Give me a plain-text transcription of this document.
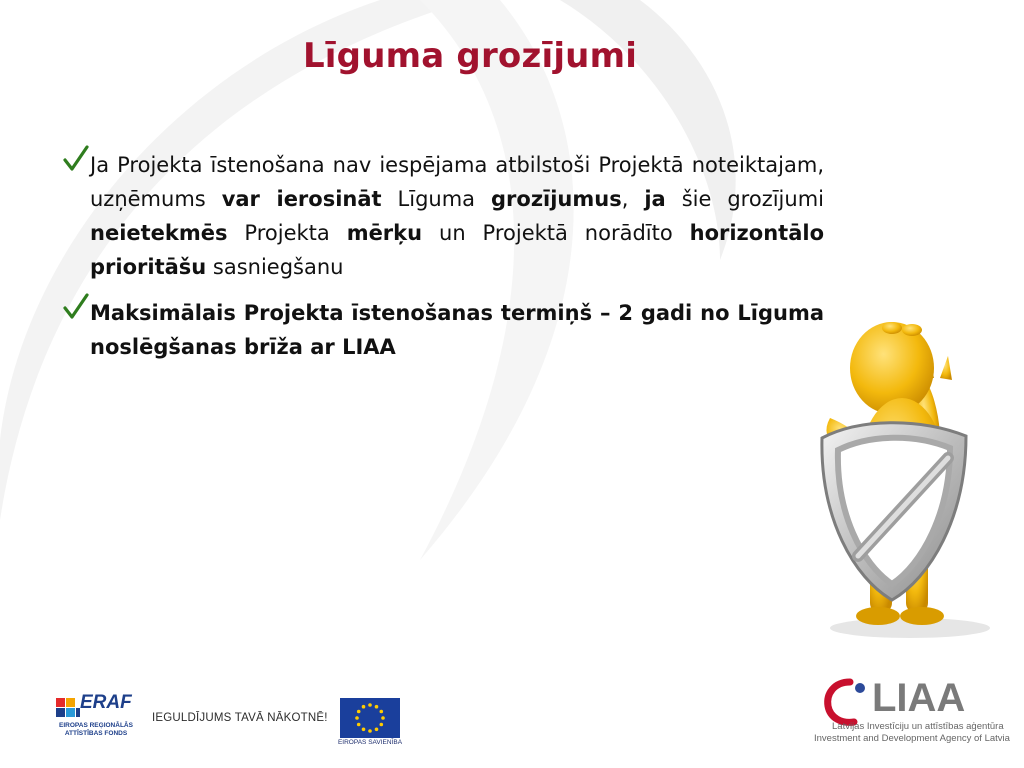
Līguma grozījumi
Ja Projekta īstenošana nav iespējama atbilstoši Projektā noteiktajam, uzņēmums var ierosināt Līguma grozījumus, ja šie grozījumi neietekmēs Projekta mērķu un Projektā norādīto horizontālo prioritāšu sasniegšanu
Maksimālais Projekta īstenošanas termiņš – 2 gadi no Līguma noslēgšanas brīža ar LIAA
ERAF
EIROPAS REĢIONĀLĀS ATTĪSTĪBAS FONDS
IEGULDĪJUMS TAVĀ NĀKOTNĒ!
EIROPAS SAVIENĪBA
LIAA
Latvijas Investīciju un attīstības aģentūra
Investment and Development Agency of Latvia
